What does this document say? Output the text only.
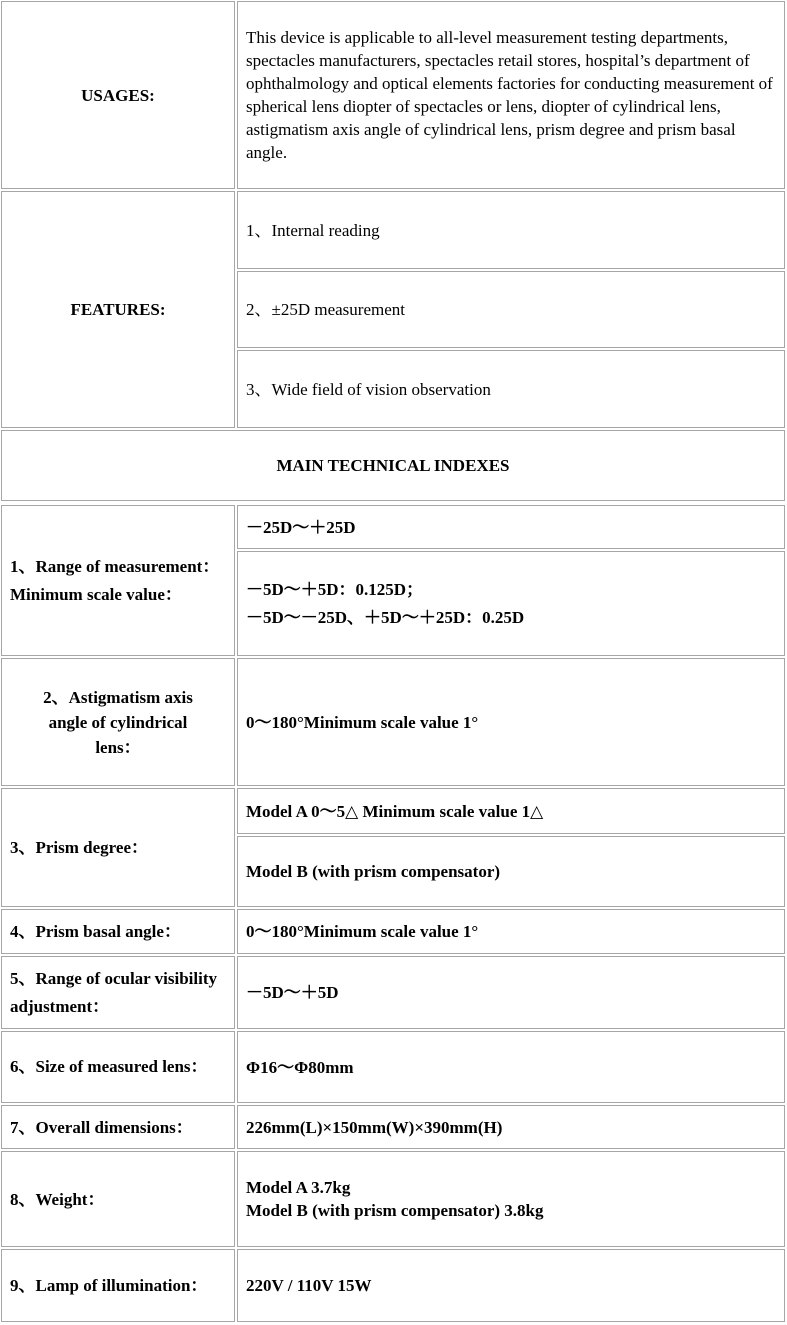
USAGES:
This device is applicable to all-level measurement testing departments, spectacles manufacturers, spectacles retail stores, hospital’s department of ophthalmology and optical elements factories for conducting measurement of spherical lens diopter of spectacles or lens, diopter of cylindrical lens, astigmatism axis angle of cylindrical lens, prism degree and prism basal angle.
FEATURES:
1、Internal reading
2、±25D measurement
3、Wide field of vision observation
MAIN TECHNICAL INDEXES
1、Range of measurement：Minimum scale value：
－25D～＋25D
－5D～＋5D：0.125D；
－5D～－25D、＋5D～＋25D：0.25D
2、Astigmatism axis angle of cylindrical lens：
0～180°Minimum scale value 1°
3、Prism degree：
Model A 0～5△ Minimum scale value 1△
Model B (with prism compensator)
4、Prism basal angle：	0～180°Minimum scale value 1°
5、Range of ocular visibility adjustment：
－5D～＋5D
6、Size of measured lens： Φ16～Φ80mm
7、Overall dimensions：	226mm(L)×150mm(W)×390mm(H)
8、Weight：
Model A 3.7kg
Model B (with prism compensator) 3.8kg
9、Lamp of illumination： 220V / 110V 15W
